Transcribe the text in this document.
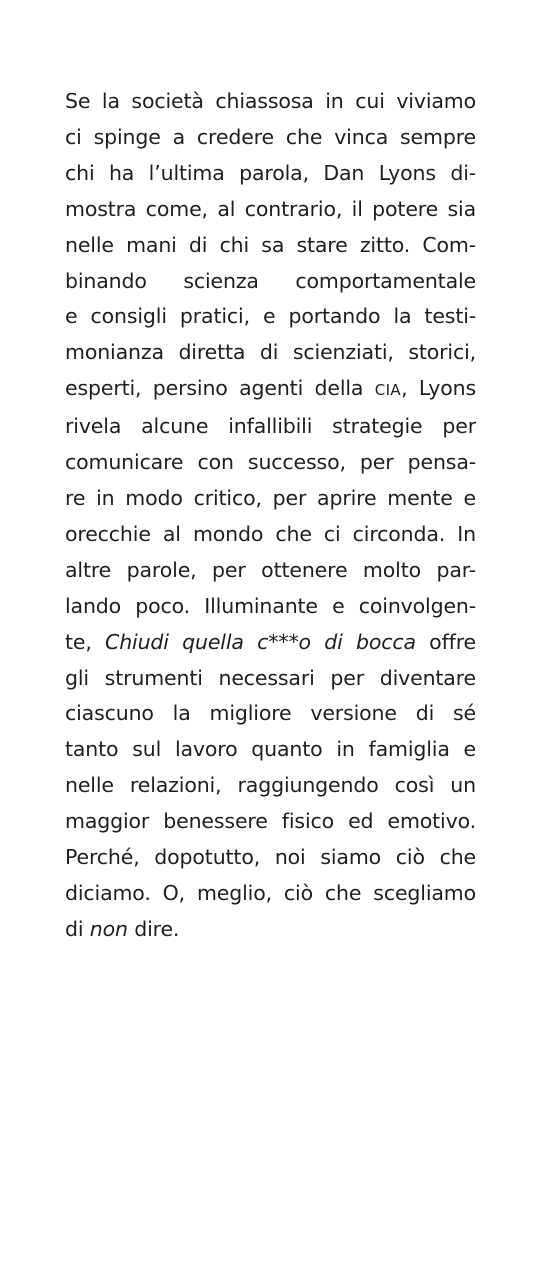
Se la società chiassosa in cui viviamo
ci spinge a credere che vinca sempre
chi ha l’ultima parola, Dan Lyons di-
mostra come, al contrario, il potere sia
nelle mani di chi sa stare zitto. Com-
binando scienza comportamentale
e consigli pratici, e portando la testi-
monianza diretta di scienziati, storici,
esperti, persino agenti della CIA, Lyons
rivela alcune infallibili strategie per
comunicare con successo, per pensa-
re in modo critico, per aprire mente e
orecchie al mondo che ci circonda. In
altre parole, per ottenere molto par-
lando poco. Illuminante e coinvolgen-
te, Chiudi quella c***o di bocca offre
gli strumenti necessari per diventare
ciascuno la migliore versione di sé
tanto sul lavoro quanto in famiglia e
nelle relazioni, raggiungendo così un
maggior benessere fisico ed emotivo.
Perché, dopotutto, noi siamo ciò che
diciamo. O, meglio, ciò che scegliamo
di non dire.
